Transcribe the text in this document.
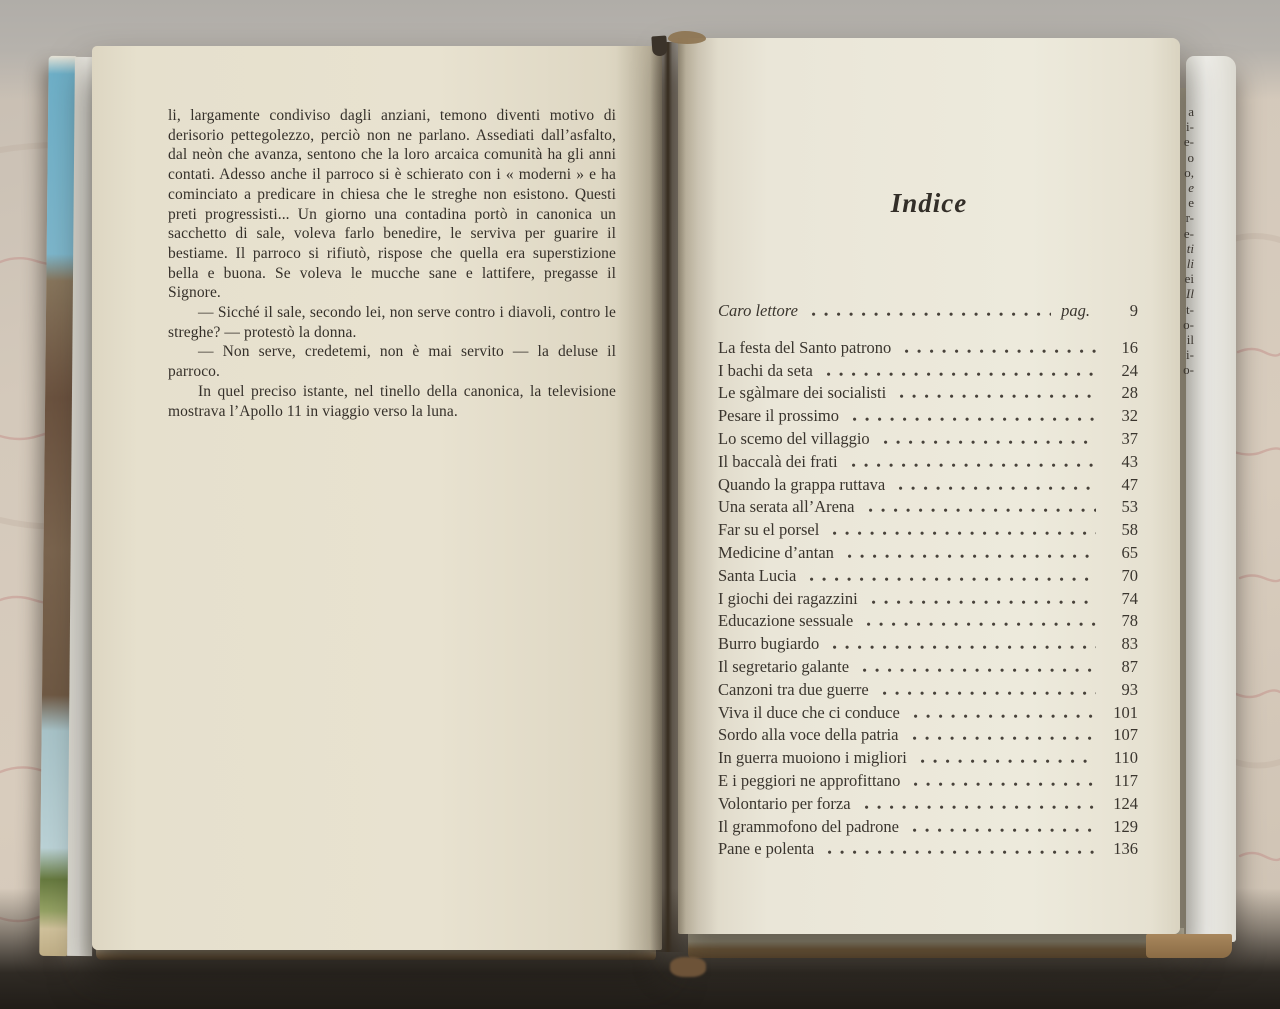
li, largamente condiviso dagli anziani, temono diventi motivo di derisorio pettegolezzo, perciò non ne parlano. Assediati dall’asfalto, dal neòn che avanza, sentono che la loro arcaica comunità ha gli anni contati. Adesso anche il parroco si è schierato con i « moderni » e ha cominciato a predicare in chiesa che le streghe non esistono. Questi preti progressisti... Un giorno una contadina portò in canonica un sacchetto di sale, voleva farlo benedire, le serviva per guarire il bestiame. Il parroco si rifiutò, rispose che quella era superstizione bella e buona. Se voleva le mucche sane e lattifere, pregasse il Signore.

— Sicché il sale, secondo lei, non serve contro i diavoli, contro le streghe? — protestò la donna.

— Non serve, credetemi, non è mai servito — la deluse il parroco.

In quel preciso istante, nel tinello della canonica, la televisione mostrava l’Apollo 11 in viaggio verso la luna.

Indice
Caro lettore	pag.	9
La festa del Santo patrono	16
I bachi da seta	24
Le sgàlmare dei socialisti	28
Pesare il prossimo	32
Lo scemo del villaggio	37
Il baccalà dei frati	43
Quando la grappa ruttava	47
Una serata all’Arena	53
Far su el porsel	58
Medicine d’antan	65
Santa Lucia	70
I giochi dei ragazzini	74
Educazione sessuale	78
Burro bugiardo	83
Il segretario galante	87
Canzoni tra due guerre	93
Viva il duce che ci conduce	101
Sordo alla voce della patria	107
In guerra muoiono i migliori	110
E i peggiori ne approfittano	117
Volontario per forza	124
Il grammofono del padrone	129
Pane e polenta	136
a
i-
e-
o
o,
e
e
r-
e-
ti
li
ei
Il
t-
o-
il
i-
o-
